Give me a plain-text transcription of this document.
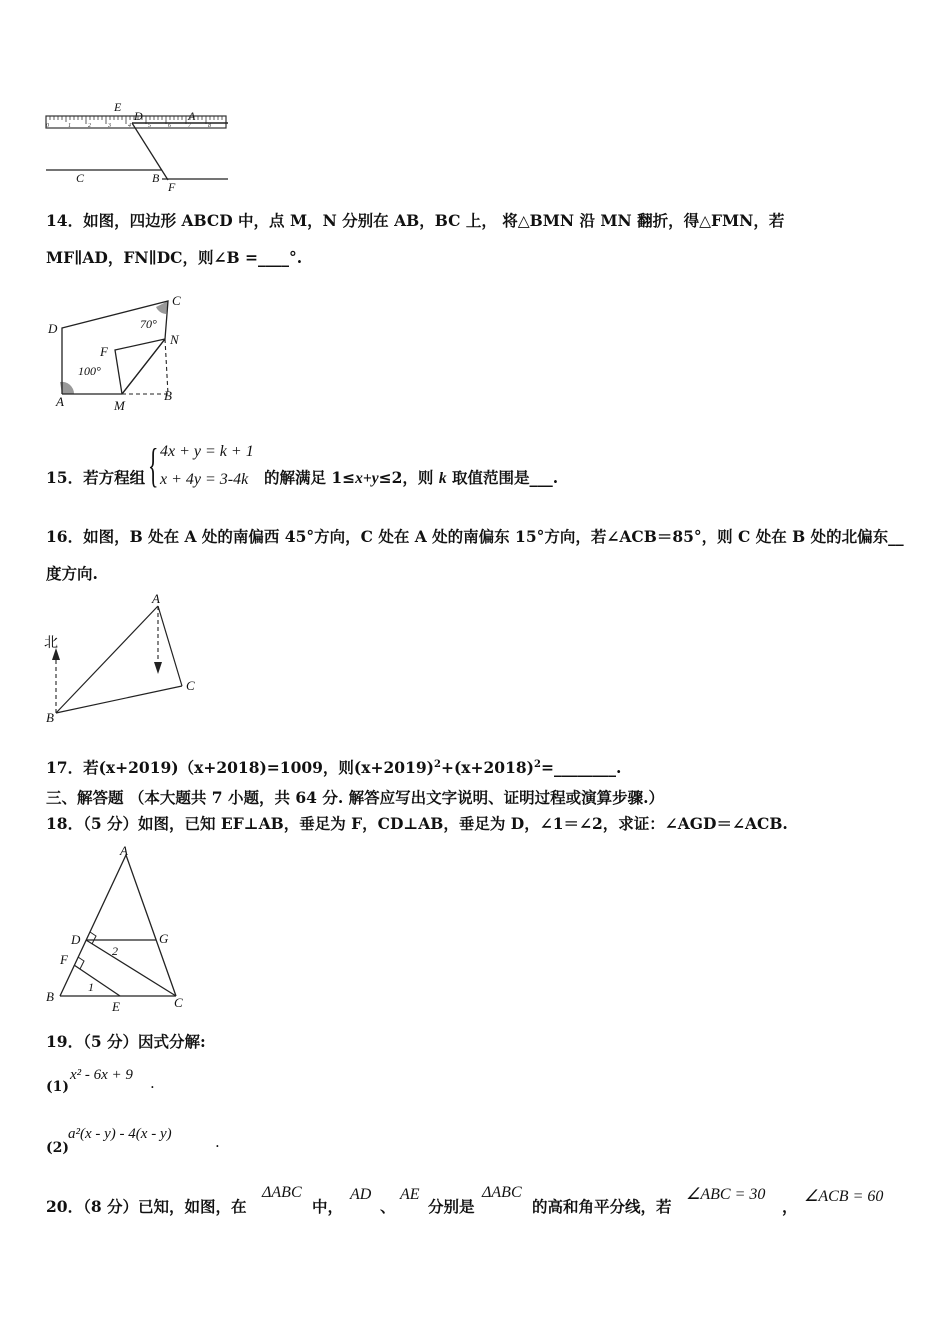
0	1	2	3	4	5	6	7	8
E
D	A
C	B
F
14．如图，四边形 ABCD 中，点 M，N 分别在 AB，BC 上， 将△BMN 沿 MN 翻折，得△FMN，若
MF∥AD，FN∥DC，则∠B =____°.
D
C
N
F
A	M
B
70°
100°
15．若方程组 { 4x + y = k + 1
x + 4y = 3-4k 的解满足 1≤x+y≤2，则 k 取值范围是___.
16．如图，B 处在 A 处的南偏西 45°方向，C 处在 A 处的南偏东 15°方向，若∠ACB＝85°，则 C 处在 B 处的北偏东__
度方向.
北
A
C
B
17．若(x+2019)（x+2018)=1009，则$(x+2019)^2+(x+2018)^2=\_\_\_\_\_\_\_\_$.
三、解答题 （本大题共 7 小题，共 64 分. 解答应写出文字说明、证明过程或演算步骤.）
18．（5 分）如图，已知 EF⊥AB，垂足为 F，CD⊥AB，垂足为 D，∠1＝∠2，求证：∠AGD＝∠ACB.
A
D	G
F
B
E	C
1
2
19．（5 分）因式分解:
(1)
x² - 6x + 9 .
(2)
a²(x - y) - 4(x - y)	.
20．（8 分）已知，如图，在
ΔABC
中，
AD
、
AE
分别是
ΔABC
的高和角平分线，若
∠ABC = 30
，
∠ACB = 60
